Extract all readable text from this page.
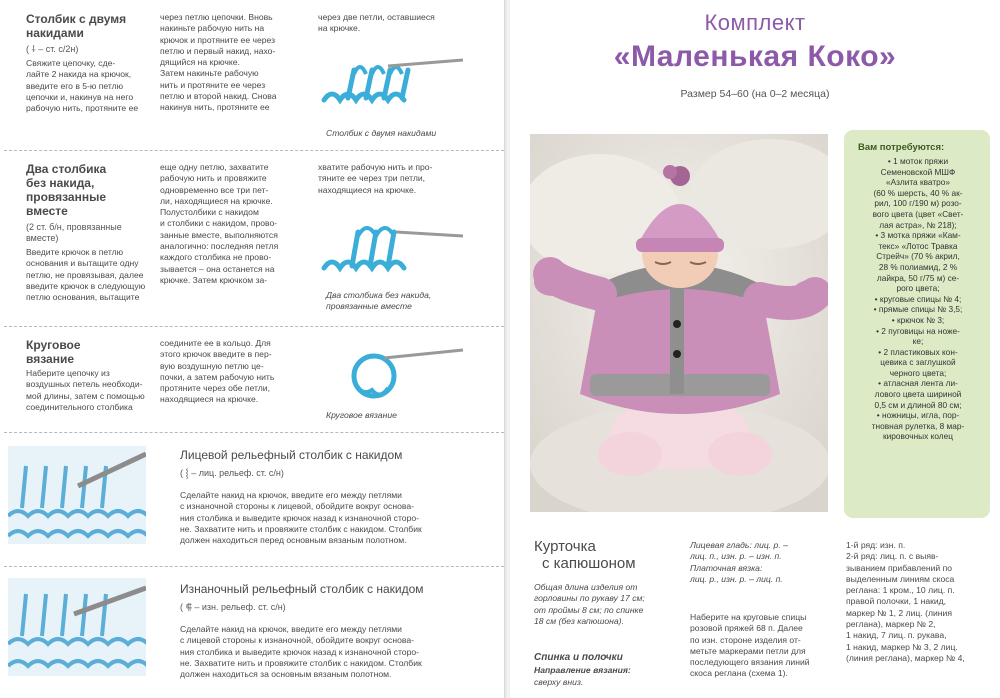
Столбик с двумя
накидами
( ⸸ – ст. с/2н)
Свяжите цепочку, сде-
лайте 2 накида на крючок,
введите его в 5-ю петлю
цепочки и, накинув на него
рабочую нить, протяните ее
через петлю цепочки. Вновь
накиньте рабочую нить на
крючок и протяните ее через
петлю и первый накид, нахо-
дящийся на крючке.
Затем накиньте рабочую
нить и протяните ее через
петлю и второй накид. Снова
накинув нить, протяните ее
через две петли, оставшиеся
на крючке.
Столбик с двумя накидами
Два столбика
без накида,
провязанные
вместе
(2 ст. б/н, провязанные
вместе)
Введите крючок в петлю
основания и вытащите одну
петлю, не провязывая, далее
введите крючок в следующую
петлю основания, вытащите
еще одну петлю, захватите
рабочую нить и провяжите
одновременно все три пет-
ли, находящиеся на крючке.
Полустолбики с накидом
и столбики с накидом, прово-
занные вместе, выполняются
аналогично: последняя петля
каждого столбика не прово-
зывается – она останется на
крючке. Затем крючком за-
хватите рабочую нить и про-
тяните ее через три петли,
находящиеся на крючке.
Два столбика без накида,
провязанные вместе
Круговое
вязание
Наберите цепочку из
воздушных петель необходи-
мой длины, затем с помощью
соединительного столбика
соедините ее в кольцо. Для
этого крючок введите в пер-
вую воздушную петлю це-
почки, а затем рабочую нить
протяните через обе петли,
находящиеся на крючке.
Круговое вязание
Лицевой рельефный столбик с накидом
( ⸾ – лиц. рельеф. ст. с/н)
Сделайте накид на крючок, введите его между петлями
с изнаночной стороны к лицевой, обойдите вокруг основа-
ния столбика и выведите крючок назад к изнаночной сторо-
не. Захватите нить и провяжите столбик с накидом. Столбик
должен находиться перед основным вязаным полотном.
Изнаночный рельефный столбик с накидом
( ⸿ – изн. рельеф. ст. с/н)
Сделайте накид на крючок, введите его между петлями
с лицевой стороны к изнаночной, обойдите вокруг основа-
ния столбика и выведите крючок назад к изнаночной сторо-
не. Захватите нить и провяжите столбик с накидом. Столбик
должен находиться за основным вязаным полотном.
Комплект
«Маленькая Коко»
Размер 54–60 (на 0–2 месяца)
Вам потребуются:
• 1 моток пряжи
Семеновской МШФ
«Азлита кватро»
(60 % шерсть, 40 % ак-
рил, 100 г/190 м) розо-
вого цвета (цвет «Свет-
лая астра», № 218);
• 3 мотка пряжи «Кам-
текс» «Лотос Травка
Стрейч» (70 % акрил,
28 % полиамид, 2 %
лайкра, 50 г/75 м) се-
рого цвета;
• круговые спицы № 4;
• прямые спицы № 3,5;
• крючок № 3;
• 2 пуговицы на ноже-
ке;
• 2 пластиковых кон-
цевика с заглушкой
черного цвета;
• атласная лента ли-
лового цвета шириной
0,5 см и длиной 80 см;
• ножницы, игла, пор-
тновная рулетка, 8 мар-
кировочных колец
Курточка
с капюшоном
Общая длина изделия от
горловины по рукаву 17 см;
от проймы 8 см; по спинке
18 см (без капюшона).
Спинка и полочки
Направление вязания:
сверху вниз.
Лицевая гладь: лиц. р. –
лиц. п., изн. р. – изн. п.
Платочная вязка:
лиц. р., изн. р. – лиц. п.
Наберите на круговые спицы
розовой пряжей 68 п. Далее
по изн. стороне изделия от-
метьте маркерами петли для
последующего вязания линий
скоса реглана (схема 1).
1-й ряд: изн. п.
2-й ряд: лиц. п. с выяв-
зыванием прибавлений по
выделенным линиям скоса
реглана: 1 кром., 10 лиц. п.
правой полочки, 1 накид,
маркер № 1, 2 лиц. (линия
реглана), маркер № 2,
1 накид, 7 лиц. п. рукава,
1 накид, маркер № 3, 2 лиц.
(линия реглана), маркер № 4,
